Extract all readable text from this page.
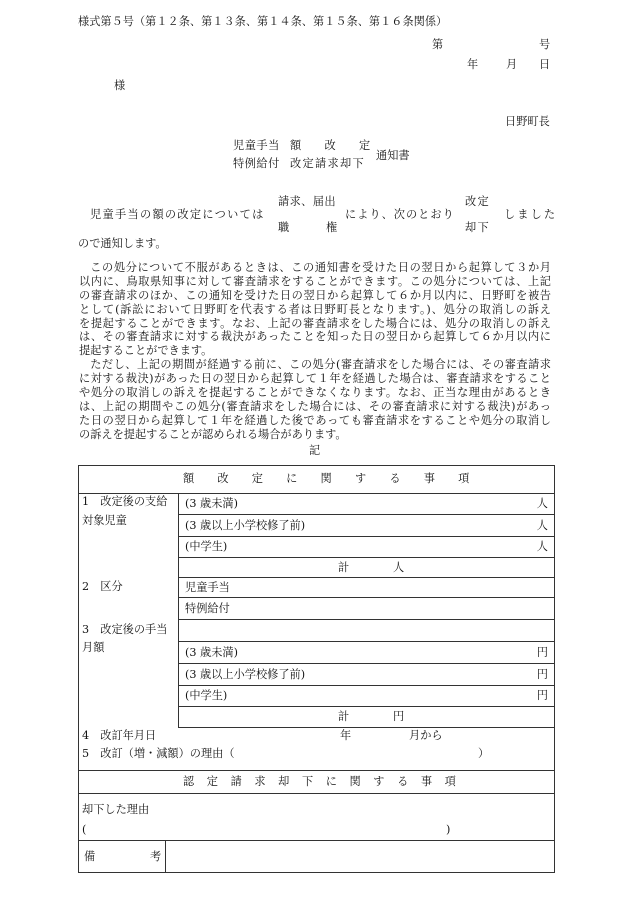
様式第５号（第１２条、第１３条、第１４条、第１５条、第１６条関係）
第	号
年 月 日
様
日野町長
児童手当
特例給付
額改定
改定請求却下
通知書
児童手当の額の改定については
請求、届出
職権
により、次のとおり
改定
却下
しました
ので通知します。
この処分について不服があるときは、この通知書を受けた日の翌日から起算して３か月
以内に、鳥取県知事に対して審査請求をすることができます。この処分については、上記
の審査請求のほか、この通知を受けた日の翌日から起算して６か月以内に、日野町を被告
として(訴訟において日野町を代表する者は日野町長となります。)、処分の取消しの訴え
を提起することができます。なお、上記の審査請求をした場合には、処分の取消しの訴え
は、その審査請求に対する裁決があったことを知った日の翌日から起算して６か月以内に
提起することができます。
ただし、上記の期間が経過する前に、この処分(審査請求をした場合には、その審査請求
に対する裁決)があった日の翌日から起算して１年を経過した場合は、審査請求をすること
や処分の取消しの訴えを提起することができなくなります。なお、正当な理由があるとき
は、上記の期間やこの処分(審査請求をした場合には、その審査請求に対する裁決)があっ
た日の翌日から起算して１年を経過した後であっても審査請求をすることや処分の取消し
の訴えを提起することが認められる場合があります。
記
額改定に関する事項
1　改定後の支給
対象児童
(3 歳未満)	人
(3 歳以上小学校修了前)	人
(中学生)	人
計	人
2　区分	児童手当
特例給付
3　改定後の手当
月額	(3 歳未満)	円
(3 歳以上小学校修了前)	円
(中学生)	円
計	円
4　改訂年月日	年	月から
5　改訂（増・減額）の理由（	）
認定請求却下に関する事項
却下した理由
(	)
備考
